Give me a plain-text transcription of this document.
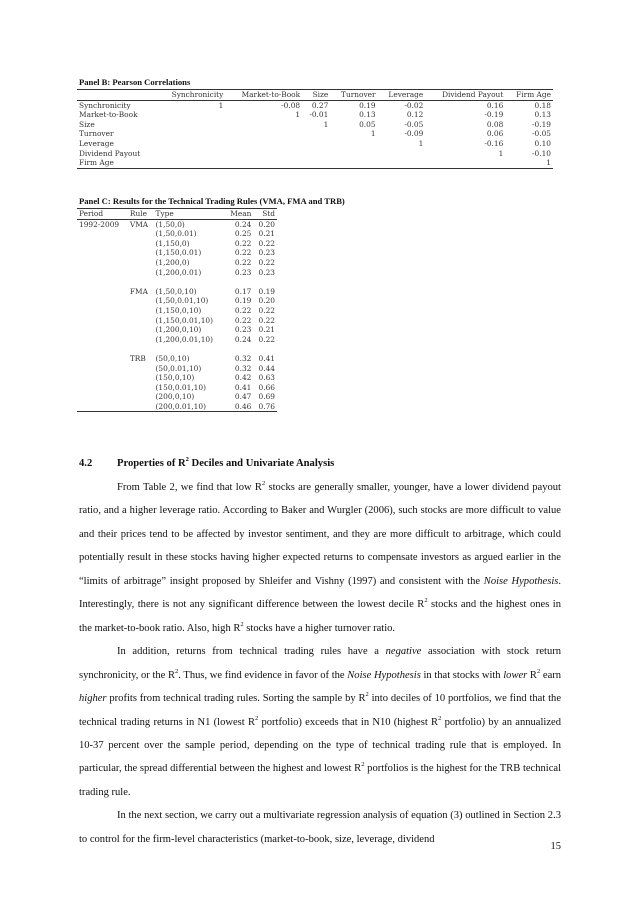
Panel B: Pearson Correlations
	Synchronicity	Market-to-Book	Size	Turnover	Leverage	Dividend Payout	Firm Age
Synchronicity	1	-0.08	0.27	0.19	-0.02	0.16	0.18
Market-to-Book		1	-0.01	0.13	0.12	-0.19	0.13
Size			1	0.05	-0.05	0.08	-0.19
Turnover				1	-0.09	0.06	-0.05
Leverage					1	-0.16	0.10
Dividend Payout						1	-0.10
Firm Age							1
Panel C: Results for the Technical Trading Rules (VMA, FMA and TRB)
Period	Rule	Type	Mean	Std
1992-2009	VMA	(1,50,0)	0.24	0.20
		(1,50,0.01)	0.25	0.21
		(1,150,0)	0.22	0.22
		(1,150,0.01)	0.22	0.23
		(1,200,0)	0.22	0.22
		(1,200,0.01)	0.23	0.23

	FMA	(1,50,0,10)	0.17	0.19
		(1,50,0.01,10)	0.19	0.20
		(1,150,0,10)	0.22	0.22
		(1,150,0.01,10)	0.22	0.22
		(1,200,0,10)	0.23	0.21
		(1,200,0.01,10)	0.24	0.22

	TRB	(50,0,10)	0.32	0.41
		(50,0.01,10)	0.32	0.44
		(150,0,10)	0.42	0.63
		(150,0.01,10)	0.41	0.66
		(200,0,10)	0.47	0.69
		(200,0.01,10)	0.46	0.76
4.2 Properties of $R^2$ Deciles and Univariate Analysis

From Table 2, we find that low $R^2$ stocks are generally smaller, younger, have a lower dividend payout ratio, and a higher leverage ratio. According to Baker and Wurgler (2006), such stocks are more difficult to value and their prices tend to be affected by investor sentiment, and they are more difficult to arbitrage, which could potentially result in these stocks having higher expected returns to compensate investors as argued earlier in the “limits of arbitrage” insight proposed by Shleifer and Vishny (1997) and consistent with the Noise Hypothesis. Interestingly, there is not any significant difference between the lowest decile $R^2$ stocks and the highest ones in the market-to-book ratio. Also, high $R^2$ stocks have a higher turnover ratio.

In addition, returns from technical trading rules have a negative association with stock return synchronicity, or the $R^2$. Thus, we find evidence in favor of the Noise Hypothesis in that stocks with lower $R^2$ earn higher profits from technical trading rules. Sorting the sample by $R^2$ into deciles of 10 portfolios, we find that the technical trading returns in N1 (lowest $R^2$ portfolio) exceeds that in N10 (highest $R^2$ portfolio) by an annualized 10-37 percent over the sample period, depending on the type of technical trading rule that is employed. In particular, the spread differential between the highest and lowest $R^2$ portfolios is the highest for the TRB technical trading rule.

In the next section, we carry out a multivariate regression analysis of equation (3) outlined in Section 2.3 to control for the firm-level characteristics (market-to-book, size, leverage, dividend

15
